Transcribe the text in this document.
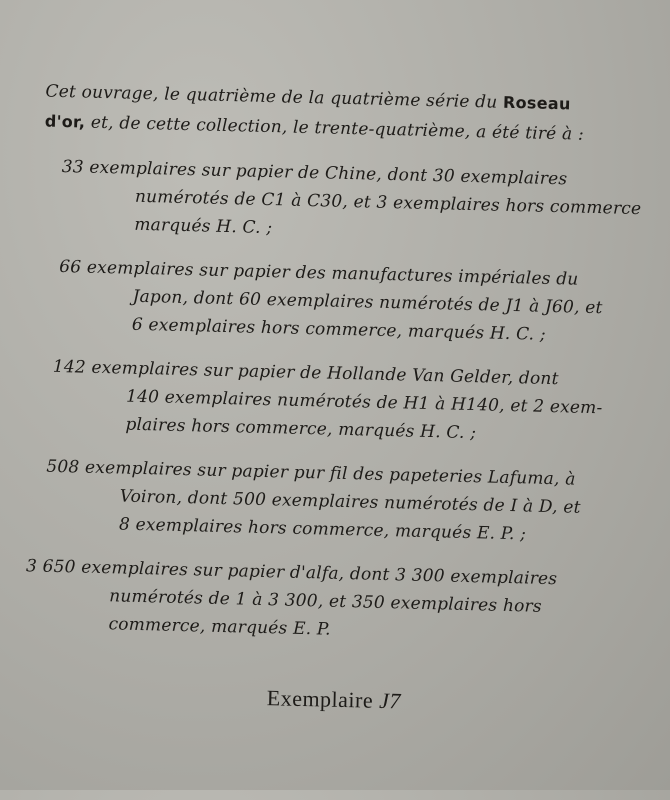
Cet ouvrage, le quatrième de la quatrième série du Roseau
d'or, et, de cette collection, le trente-quatrième, a été tiré à :
33 exemplaires sur papier de Chine, dont 30 exemplaires
numérotés de C1 à C30, et 3 exemplaires hors commerce
marqués H. C. ;
66 exemplaires sur papier des manufactures impériales du
Japon, dont 60 exemplaires numérotés de J1 à J60, et
6 exemplaires hors commerce, marqués H. C. ;
142 exemplaires sur papier de Hollande Van Gelder, dont
140 exemplaires numérotés de H1 à H140, et 2 exem-
plaires hors commerce, marqués H. C. ;
508 exemplaires sur papier pur fil des papeteries Lafuma, à
Voiron, dont 500 exemplaires numérotés de I à D, et
8 exemplaires hors commerce, marqués E. P. ;
3 650 exemplaires sur papier d'alfa, dont 3 300 exemplaires
numérotés de 1 à 3 300, et 350 exemplaires hors
commerce, marqués E. P.
Exemplaire J7
